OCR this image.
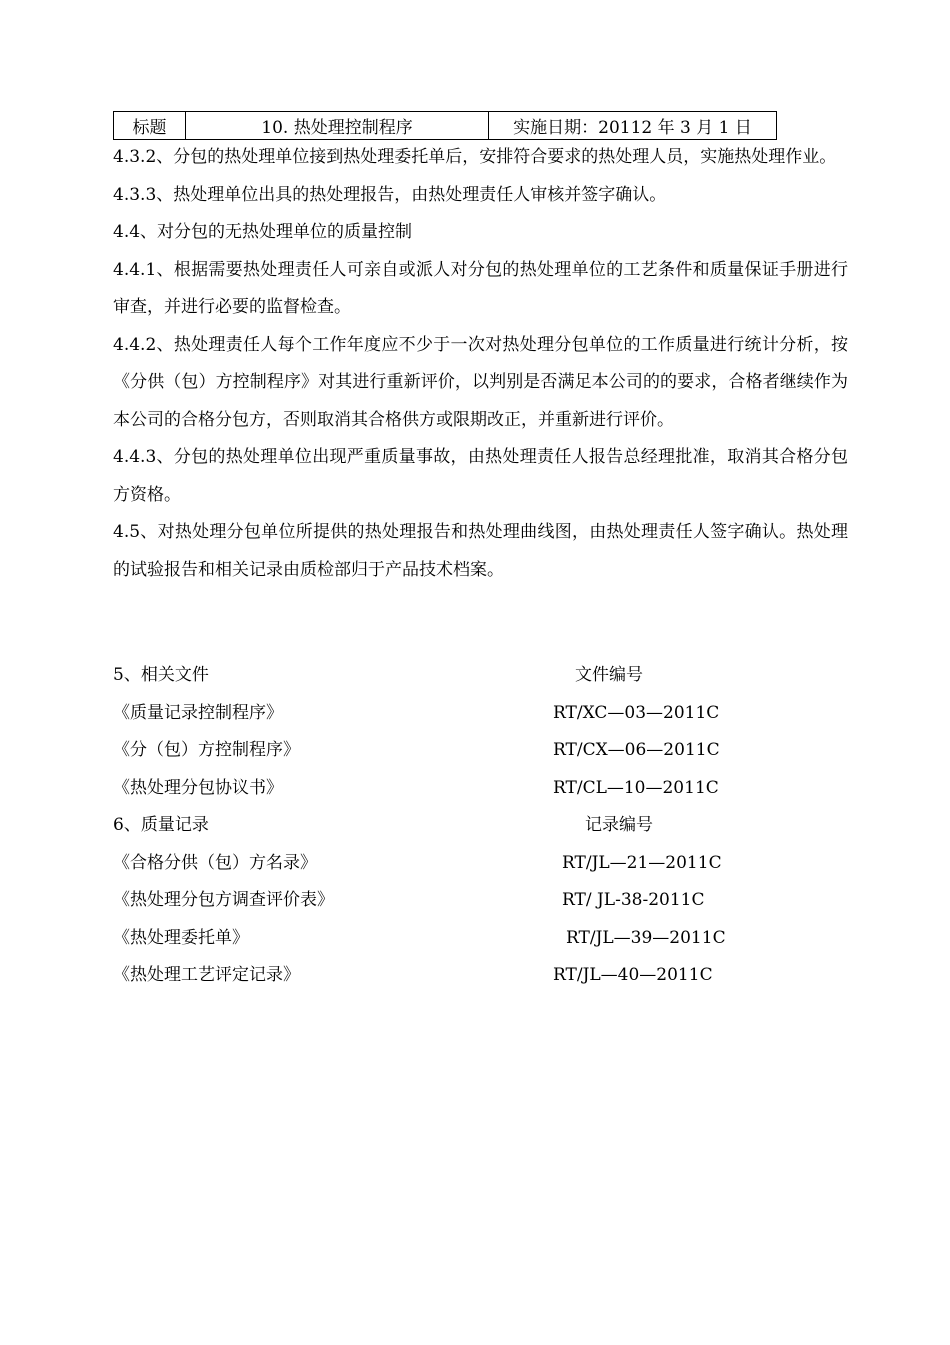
标题	10. 热处理控制程序	实施日期：20112 年 3 月 1 日

4.3.2、分包的热处理单位接到热处理委托单后，安排符合要求的热处理人员，实施热处理作业。

4.3.3、热处理单位出具的热处理报告，由热处理责任人审核并签字确认。

4.4、对分包的无热处理单位的质量控制

4.4.1、根据需要热处理责任人可亲自或派人对分包的热处理单位的工艺条件和质量保证手册进行审查，并进行必要的监督检查。

4.4.2、热处理责任人每个工作年度应不少于一次对热处理分包单位的工作质量进行统计分析，按《分供（包）方控制程序》对其进行重新评价，以判别是否满足本公司的的要求，合格者继续作为本公司的合格分包方，否则取消其合格供方或限期改正，并重新进行评价。

4.4.3、分包的热处理单位出现严重质量事故，由热处理责任人报告总经理批准，取消其合格分包方资格。

4.5、对热处理分包单位所提供的热处理报告和热处理曲线图，由热处理责任人签字确认。热处理的试验报告和相关记录由质检部归于产品技术档案。

5、相关文件	文件编号
《质量记录控制程序》	RT/XC—03—2011C
《分（包）方控制程序》	RT/CX—06—2011C
《热处理分包协议书》	RT/CL—10—2011C
6、质量记录	记录编号
《合格分供（包）方名录》	RT/JL—21—2011C
《热处理分包方调查评价表》	RT/ JL-38-2011C
《热处理委托单》	RT/JL—39—2011C
《热处理工艺评定记录》	RT/JL—40—2011C
